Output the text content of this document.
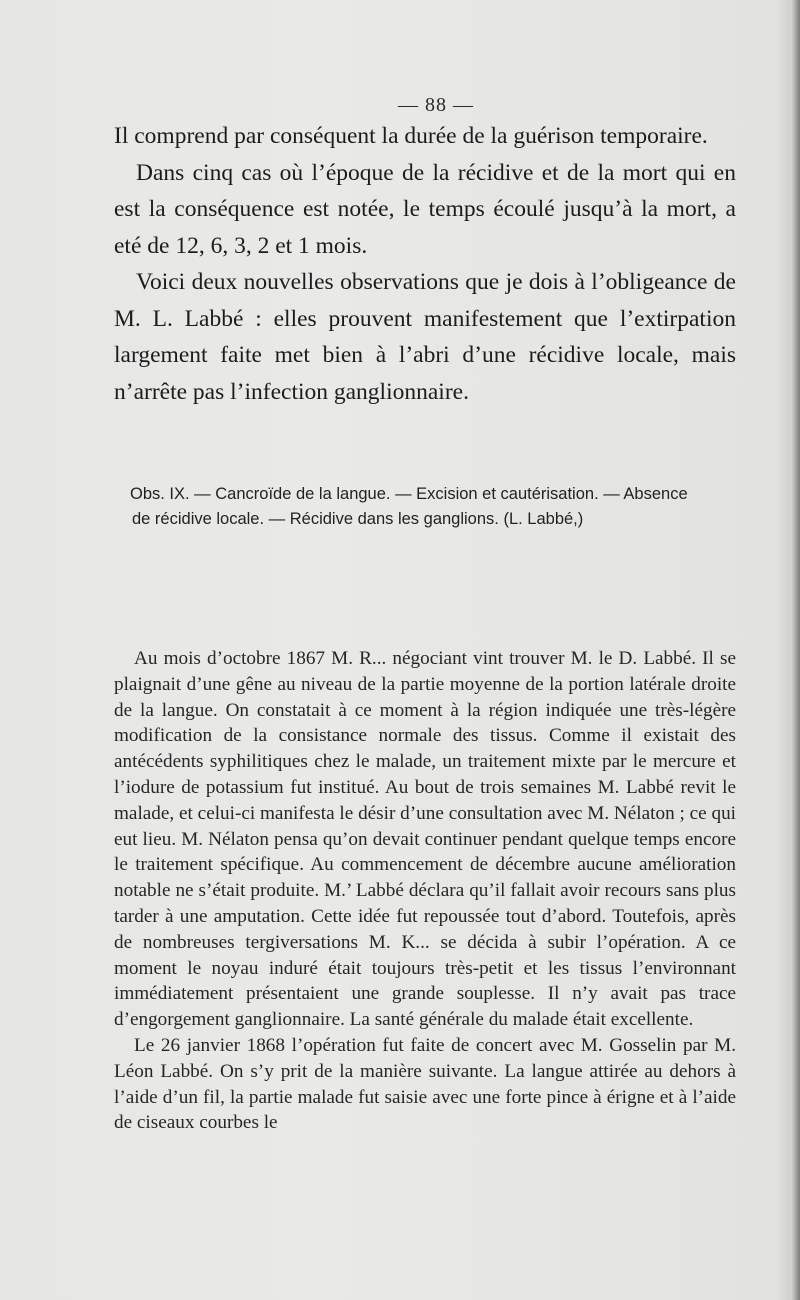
— 88 —

Il comprend par conséquent la durée de la guérison temporaire.

Dans cinq cas où l’époque de la récidive et de la mort qui en est la conséquence est notée, le temps écoulé jusqu’à la mort, a eté de 12, 6, 3, 2 et 1 mois.

Voici deux nouvelles observations que je dois à l’obligeance de M. L. Labbé : elles prouvent manifestement que l’extirpation largement faite met bien à l’abri d’une récidive locale, mais n’arrête pas l’infection ganglionnaire.

Obs. IX. — Cancroïde de la langue. — Excision et cautérisation. — Absence
de récidive locale. — Récidive dans les ganglions. (L. Labbé,)

Au mois d’octobre 1867 M. R... négociant vint trouver M. le D. Labbé. Il se plaignait d’une gêne au niveau de la partie moyenne de la portion latérale droite de la langue. On constatait à ce moment à la région indiquée une très-légère modification de la consistance normale des tissus. Comme il existait des antécédents syphilitiques chez le malade, un traitement mixte par le mercure et l’iodure de potassium fut institué. Au bout de trois semaines M. Labbé revit le malade, et celui-ci manifesta le désir d’une consultation avec M. Nélaton ; ce qui eut lieu. M. Nélaton pensa qu’on devait continuer pendant quelque temps encore le traitement spécifique. Au commencement de décembre aucune amélioration notable ne s’était produite. M.’ Labbé déclara qu’il fallait avoir recours sans plus tarder à une amputation. Cette idée fut repoussée tout d’abord. Toutefois, après de nombreuses tergiversations M. K... se décida à subir l’opération. A ce moment le noyau induré était toujours très-petit et les tissus l’environnant immédiatement présentaient une grande souplesse. Il n’y avait pas trace d’engorgement ganglionnaire. La santé générale du malade était excellente.

Le 26 janvier 1868 l’opération fut faite de concert avec M. Gosselin par M. Léon Labbé. On s’y prit de la manière suivante. La langue attirée au dehors à l’aide d’un fil, la partie malade fut saisie avec une forte pince à érigne et à l’aide de ciseaux courbes le
